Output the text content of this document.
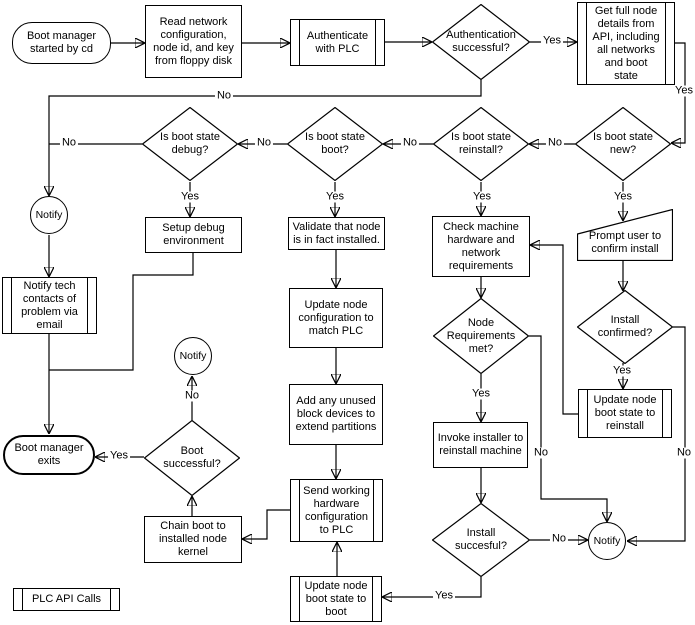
Boot manager started by cd
Read network configuration, node id, and key from floppy disk
Authenticate with PLC
Authentication successful?
Get full node details from API, including all networks and boot state
Is boot state new?
Is boot state reinstall?
Is boot state boot?
Is boot state debug?
Notify
Setup debug environment
Validate that node is in fact installed.
Check machine hardware and network requirements
Prompt user to confirm install
Notify tech contacts of problem via email
Update node configuration to match PLC
Node Requirements met?
Install confirmed?
Notify
Add any unused block devices to extend partitions
Update node boot state to reinstall
Boot manager exits
Boot successful?
Invoke installer to reinstall machine
Chain boot to installed node kernel
Send working hardware configuration to PLC	Install succesful?	Notify
Update node boot state to boot
PLC API Calls
Yes
Yes
No
No
No
No
No
Yes	Yes	Yes	Yes
No
Yes
Yes
No
Yes
No
No
Yes
